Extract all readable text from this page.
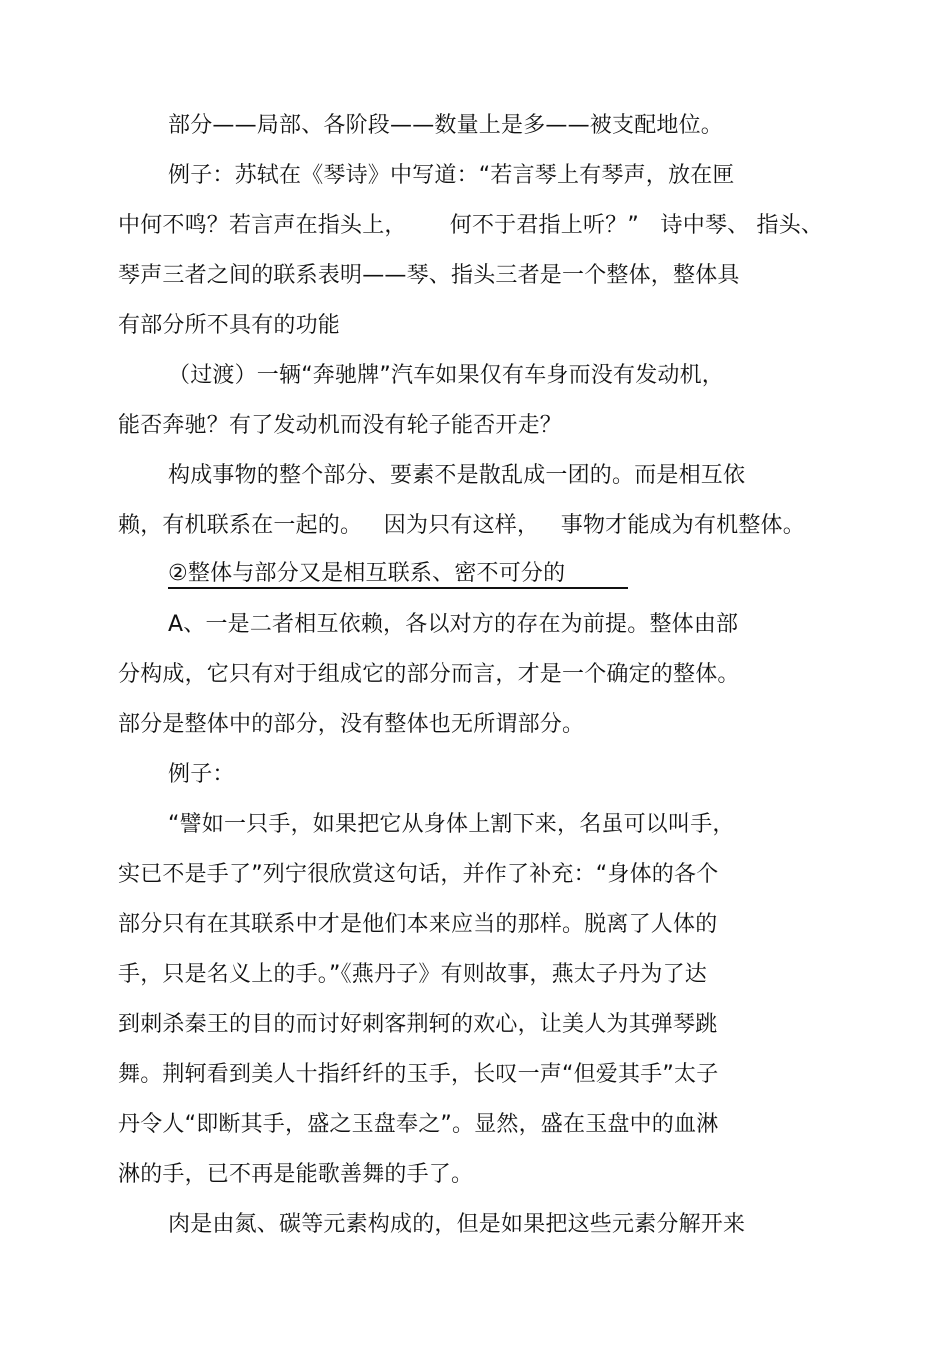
部分——局部、各阶段——数量上是多——被支配地位。
例子：苏轼在《琴诗》中写道：“若言琴上有琴声，放在匣
中何不鸣？若言声在指头上，      何不于君指上听？”   诗中琴、 指头、
琴声三者之间的联系表明——琴、指头三者是一个整体，整体具
有部分所不具有的功能
（过渡）一辆“奔驰牌”汽车如果仅有车身而没有发动机，
能否奔驰？有了发动机而没有轮子能否开走？
构成事物的整个部分、要素不是散乱成一团的。而是相互依
赖，有机联系在一起的。   因为只有这样，   事物才能成为有机整体。
②整体与部分又是相互联系、密不可分的
A、一是二者相互依赖，各以对方的存在为前提。整体由部
分构成，它只有对于组成它的部分而言，才是一个确定的整体。
部分是整体中的部分，没有整体也无所谓部分。
例子：
“譬如一只手，如果把它从身体上割下来，名虽可以叫手，
实已不是手了”列宁很欣赏这句话，并作了补充：“身体的各个
部分只有在其联系中才是他们本来应当的那样。脱离了人体的
手，只是名义上的手。”《燕丹子》有则故事，燕太子丹为了达
到刺杀秦王的目的而讨好刺客荆轲的欢心，让美人为其弹琴跳
舞。荆轲看到美人十指纤纤的玉手，长叹一声“但爱其手”太子
丹令人“即断其手，盛之玉盘奉之”。显然，盛在玉盘中的血淋
淋的手，已不再是能歌善舞的手了。
肉是由氮、碳等元素构成的，但是如果把这些元素分解开来
